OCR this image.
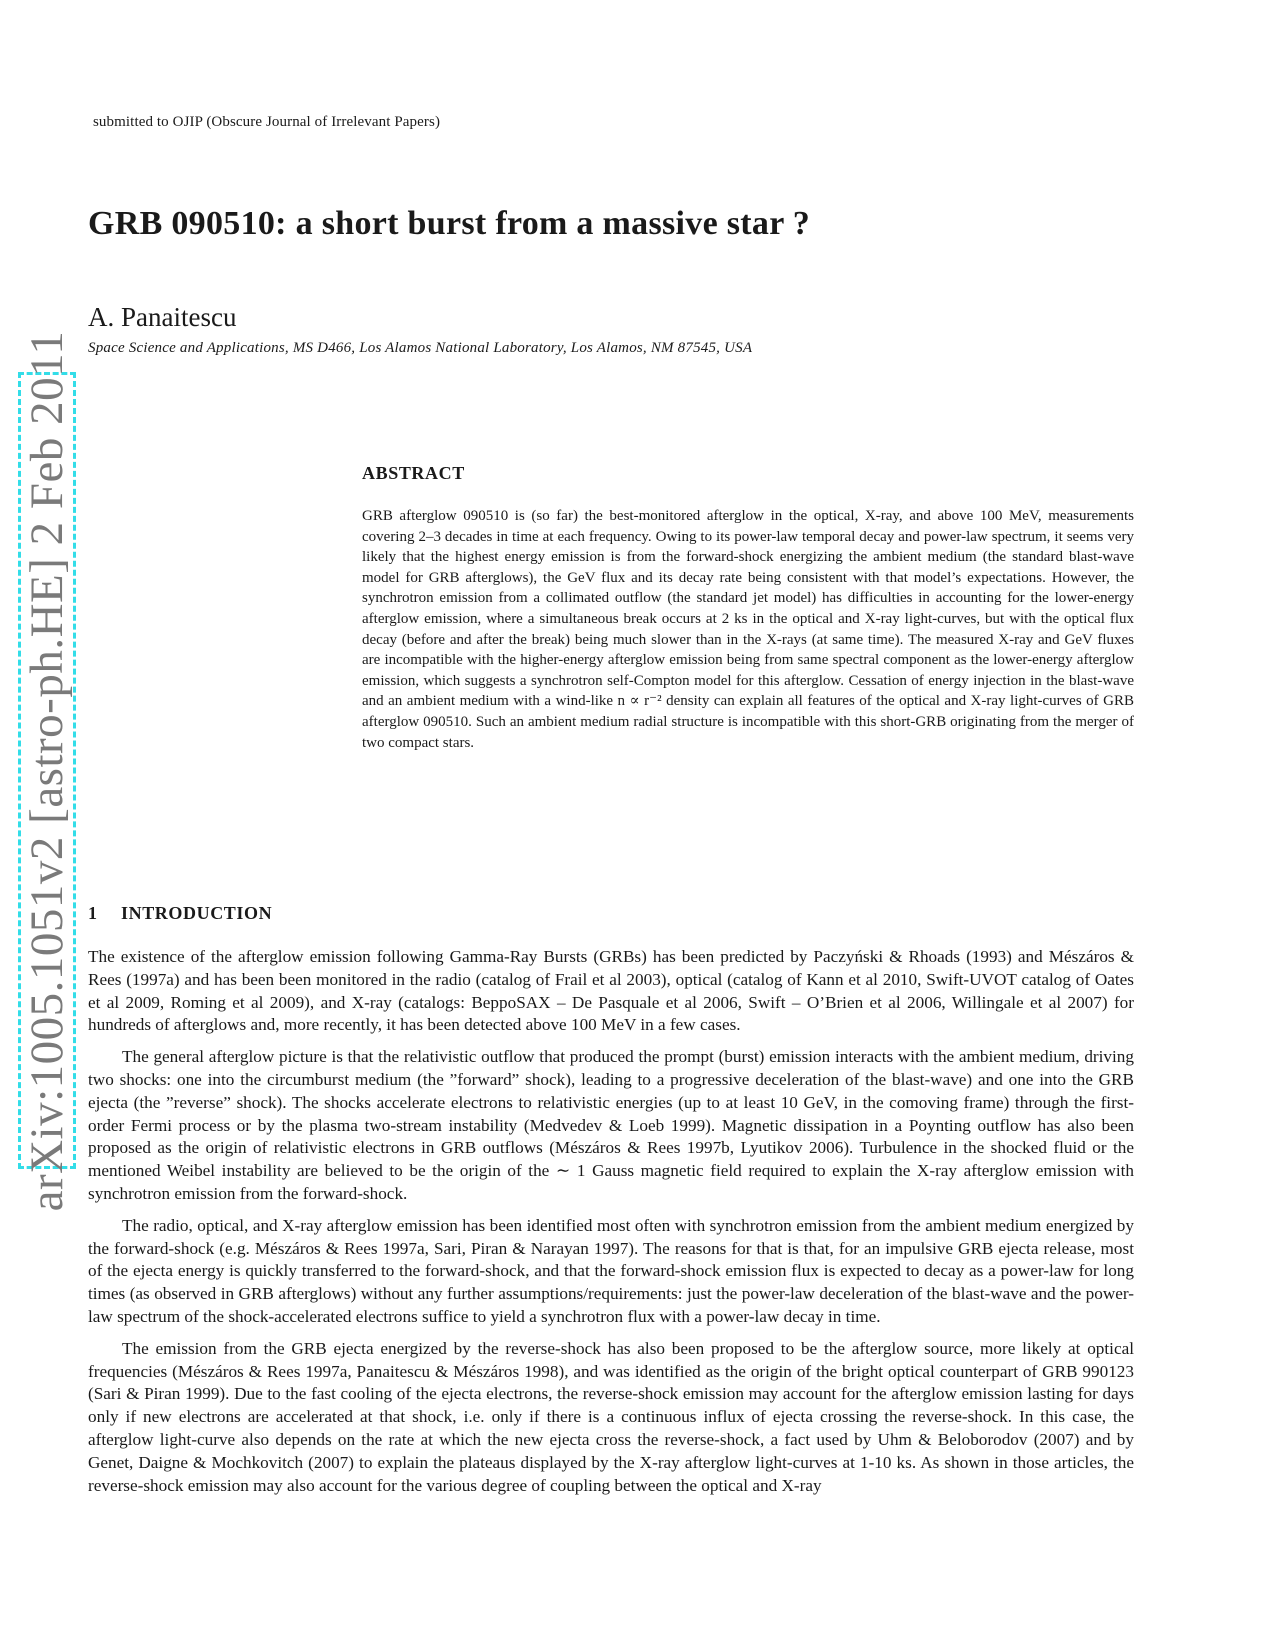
submitted to OJIP (Obscure Journal of Irrelevant Papers)
GRB 090510: a short burst from a massive star ?
A. Panaitescu
Space Science and Applications, MS D466, Los Alamos National Laboratory, Los Alamos, NM 87545, USA
arXiv:1005.1051v2 [astro-ph.HE] 2 Feb 2011	ABSTRACT

GRB afterglow 090510 is (so far) the best-monitored afterglow in the optical, X-ray, and above 100 MeV, measurements covering 2–3 decades in time at each frequency. Owing to its power-law temporal decay and power-law spectrum, it seems very likely that the highest energy emission is from the forward-shock energizing the ambient medium (the standard blast-wave model for GRB afterglows), the GeV flux and its decay rate being consistent with that model’s expectations. However, the synchrotron emission from a collimated outflow (the standard jet model) has difficulties in accounting for the lower-energy afterglow emission, where a simultaneous break occurs at 2 ks in the optical and X-ray light-curves, but with the optical flux decay (before and after the break) being much slower than in the X-rays (at same time). The measured X-ray and GeV fluxes are incompatible with the higher-energy afterglow emission being from same spectral component as the lower-energy afterglow emission, which suggests a synchrotron self-Compton model for this afterglow. Cessation of energy injection in the blast-wave and an ambient medium with a wind-like n ∝ r⁻² density can explain all features of the optical and X-ray light-curves of GRB afterglow 090510. Such an ambient medium radial structure is incompatible with this short-GRB originating from the merger of two compact stars.

1 INTRODUCTION

The existence of the afterglow emission following Gamma-Ray Bursts (GRBs) has been predicted by Paczyński & Rhoads (1993) and Mészáros & Rees (1997a) and has been been monitored in the radio (catalog of Frail et al 2003), optical (catalog of Kann et al 2010, Swift-UVOT catalog of Oates et al 2009, Roming et al 2009), and X-ray (catalogs: BeppoSAX – De Pasquale et al 2006, Swift – O’Brien et al 2006, Willingale et al 2007) for hundreds of afterglows and, more recently, it has been detected above 100 MeV in a few cases.

The general afterglow picture is that the relativistic outflow that produced the prompt (burst) emission interacts with the ambient medium, driving two shocks: one into the circumburst medium (the ”forward” shock), leading to a progressive deceleration of the blast-wave) and one into the GRB ejecta (the ”reverse” shock). The shocks accelerate electrons to relativistic energies (up to at least 10 GeV, in the comoving frame) through the first-order Fermi process or by the plasma two-stream instability (Medvedev & Loeb 1999). Magnetic dissipation in a Poynting outflow has also been proposed as the origin of relativistic electrons in GRB outflows (Mészáros & Rees 1997b, Lyutikov 2006). Turbulence in the shocked fluid or the mentioned Weibel instability are believed to be the origin of the ∼ 1 Gauss magnetic field required to explain the X-ray afterglow emission with synchrotron emission from the forward-shock.

The radio, optical, and X-ray afterglow emission has been identified most often with synchrotron emission from the ambient medium energized by the forward-shock (e.g. Mészáros & Rees 1997a, Sari, Piran & Narayan 1997). The reasons for that is that, for an impulsive GRB ejecta release, most of the ejecta energy is quickly transferred to the forward-shock, and that the forward-shock emission flux is expected to decay as a power-law for long times (as observed in GRB afterglows) without any further assumptions/requirements: just the power-law deceleration of the blast-wave and the power-law spectrum of the shock-accelerated electrons suffice to yield a synchrotron flux with a power-law decay in time.

The emission from the GRB ejecta energized by the reverse-shock has also been proposed to be the afterglow source, more likely at optical frequencies (Mészáros & Rees 1997a, Panaitescu & Mészáros 1998), and was identified as the origin of the bright optical counterpart of GRB 990123 (Sari & Piran 1999). Due to the fast cooling of the ejecta electrons, the reverse-shock emission may account for the afterglow emission lasting for days only if new electrons are accelerated at that shock, i.e. only if there is a continuous influx of ejecta crossing the reverse-shock. In this case, the afterglow light-curve also depends on the rate at which the new ejecta cross the reverse-shock, a fact used by Uhm & Beloborodov (2007) and by Genet, Daigne & Mochkovitch (2007) to explain the plateaus displayed by the X-ray afterglow light-curves at 1-10 ks. As shown in those articles, the reverse-shock emission may also account for the various degree of coupling between the optical and X-ray
